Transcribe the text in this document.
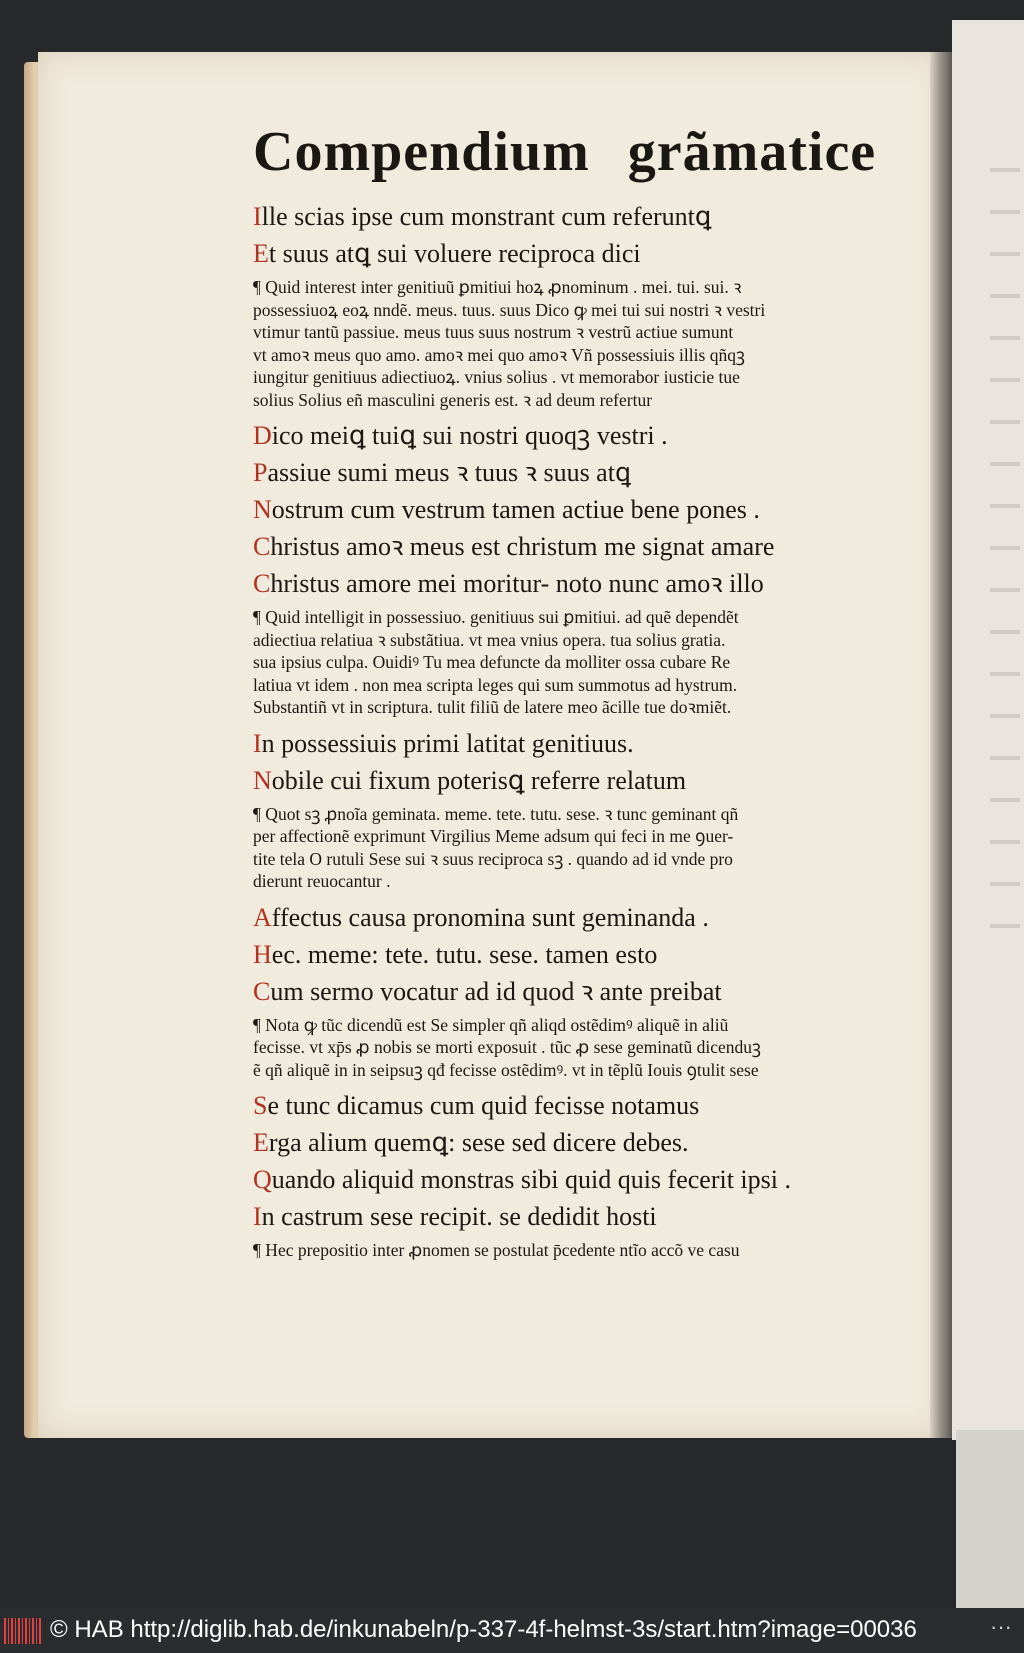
Compendium grãmatice
Ille scias ipse cum monstrant cum referuntꝗ
Et suus atꝗ sui voluere reciproca dici
¶ Quid interest inter genitiuũ ꝑmitiui hoꝝ ꝓnominum . mei. tui. sui. ꝛ
possessiuoꝝ eoꝝ nndẽ. meus. tuus. suus Dico ꝙ mei tui sui nostri ꝛ vestri
vtimur tantũ passiue. meus tuus suus nostrum ꝛ vestrũ actiue sumunt
vt amoꝛ meus quo amo. amoꝛ mei quo amoꝛ Vñ possessiuis illis qñqꝫ
iungitur genitiuus adiectiuoꝝ. vnius solius . vt memorabor iusticie tue
solius Solius eñ masculini generis est. ꝛ ad deum refertur
Dico meiꝗ tuiꝗ sui nostri quoqꝫ vestri .
Passiue sumi meus ꝛ tuus ꝛ suus atꝗ
Nostrum cum vestrum tamen actiue bene pones .
Christus amoꝛ meus est christum me signat amare
Christus amore mei moritur- noto nunc amoꝛ illo
¶ Quid intelligit in possessiuo. genitiuus sui ꝑmitiui. ad quẽ dependẽt
adiectiua relatiua ꝛ substãtiua. vt mea vnius opera. tua solius gratia.
sua ipsius culpa. Ouidiꝰ Tu mea defuncte da molliter ossa cubare Re
latiua vt idem . non mea scripta leges qui sum summotus ad hystrum.
Substantiñ vt in scriptura. tulit filiũ de latere meo ãcille tue doꝛmiẽt.
In possessiuis primi latitat genitiuus.
Nobile cui fixum poterisꝗ referre relatum
¶ Quot sꝫ ꝓnoĩa geminata. meme. tete. tutu. sese. ꝛ tunc geminant qñ
per affectionẽ exprimunt Virgilius Meme adsum qui feci in me ꝯuer-
tite tela O rutuli Sese sui ꝛ suus reciproca sꝫ . quando ad id vnde pro
dierunt reuocantur .
Affectus causa pronomina sunt geminanda .
Hec. meme: tete. tutu. sese. tamen esto
Cum sermo vocatur ad id quod ꝛ ante preibat
¶ Nota ꝙ tũc dicendũ est Se simpler qñ aliqd ostẽdimꝰ aliquẽ in aliũ
fecisse. vt xp̄s ꝓ nobis se morti exposuit . tũc ꝓ sese geminatũ dicenduꝫ
ẽ qñ aliquẽ in in seipsuꝫ qđ fecisse ostẽdimꝰ. vt in tẽplũ Iouis ꝯtulit sese
Se tunc dicamus cum quid fecisse notamus
Erga alium quemꝗ: sese sed dicere debes.
Quando aliquid monstras sibi quid quis fecerit ipsi .
In castrum sese recipit. se dedidit hosti
¶ Hec prepositio inter ꝓnomen se postulat p̄cedente ntĩo accõ ve casu
© HAB http://diglib.hab.de/inkunabeln/p-337-4f-helmst-3s/start.htm?image=00036	···
